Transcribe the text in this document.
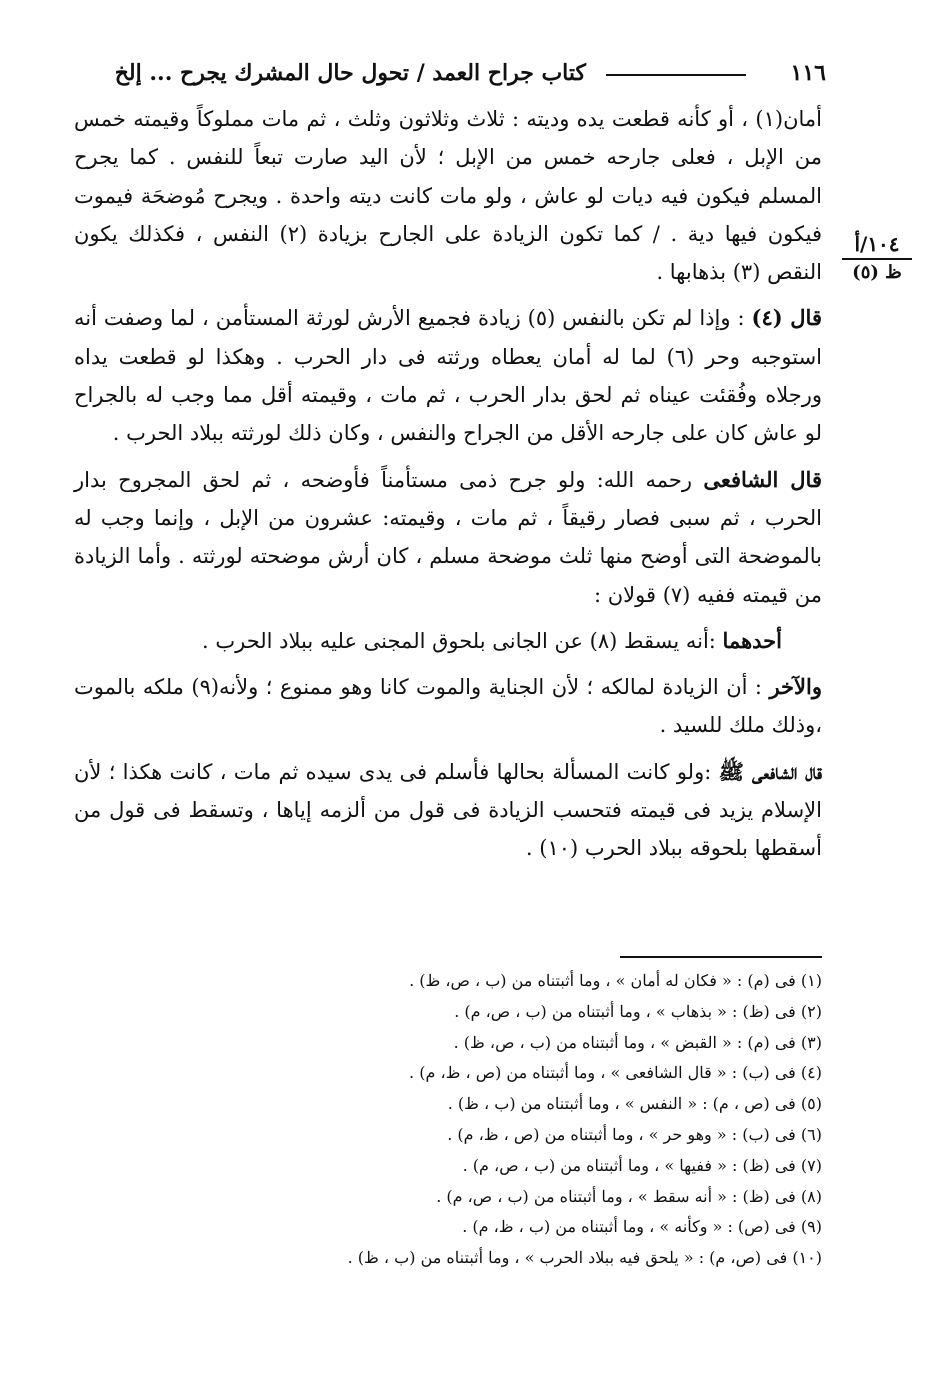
١١٦
كتاب جراح العمد / تحول حال المشرك يجرح ... إلخ
١٠٤/أ
ظ (٥)

أمان(١) ، أو كأنه قطعت يده وديته : ثلاث وثلاثون وثلث ، ثم مات مملوكاً وقيمته خمس من الإبل ، فعلى جارحه خمس من الإبل ؛ لأن اليد صارت تبعاً للنفس . كما يجرح المسلم فيكون فيه ديات لو عاش ، ولو مات كانت ديته واحدة . ويجرح مُوضحَة فيموت فيكون فيها دية . / كما تكون الزيادة على الجارح بزيادة (٢) النفس ، فكذلك يكون النقص (٣) بذهابها .

قال (٤) : وإذا لم تكن بالنفس (٥) زيادة فجميع الأرش لورثة المستأمن ، لما وصفت أنه استوجبه وحر (٦) لما له أمان يعطاه ورثته فى دار الحرب . وهكذا لو قطعت يداه ورجلاه وفُقئت عيناه ثم لحق بدار الحرب ، ثم مات ، وقيمته أقل مما وجب له بالجراح لو عاش كان على جارحه الأقل من الجراح والنفس ، وكان ذلك لورثته ببلاد الحرب .

قال الشافعى رحمه الله: ولو جرح ذمى مستأمناً فأوضحه ، ثم لحق المجروح بدار الحرب ، ثم سبى فصار رقيقاً ، ثم مات ، وقيمته: عشرون من الإبل ، وإنما وجب له بالموضحة التى أوضح منها ثلث موضحة مسلم ، كان أرش موضحته لورثته . وأما الزيادة من قيمته ففيه (٧) قولان :

أحدهما :أنه يسقط (٨) عن الجانى بلحوق المجنى عليه ببلاد الحرب .

والآخر : أن الزيادة لمالكه ؛ لأن الجناية والموت كانا وهو ممنوع ؛ ولأنه(٩) ملكه بالموت ،وذلك ملك للسيد .

قال الشافعى ﷺ :ولو كانت المسألة بحالها فأسلم فى يدى سيده ثم مات ، كانت هكذا ؛ لأن الإسلام يزيد فى قيمته فتحسب الزيادة فى قول من ألزمه إياها ، وتسقط فى قول من أسقطها بلحوقه ببلاد الحرب (١٠) .

(١) فى (م) : « فكان له أمان » ، وما أثبتناه من (ب ، ص، ظ) .
(٢) فى (ظ) : « بذهاب » ، وما أثبتناه من (ب ، ص، م) .
(٣) فى (م) : « القبض » ، وما أثبتناه من (ب ، ص، ظ) .
(٤) فى (ب) : « قال الشافعى » ، وما أثبتناه من (ص ، ظ، م) .
(٥) فى (ص ، م) : « النفس » ، وما أثبتناه من (ب ، ظ) .
(٦) فى (ب) : « وهو حر » ، وما أثبتناه من (ص ، ظ، م) .
(٧) فى (ظ) : « ففيها » ، وما أثبتناه من (ب ، ص، م) .
(٨) فى (ظ) : « أنه سقط » ، وما أثبتناه من (ب ، ص، م) .
(٩) فى (ص) : « وكأنه » ، وما أثبتناه من (ب ، ظ، م) .
(١٠) فى (ص، م) : « يلحق فيه ببلاد الحرب » ، وما أثبتناه من (ب ، ظ) .
